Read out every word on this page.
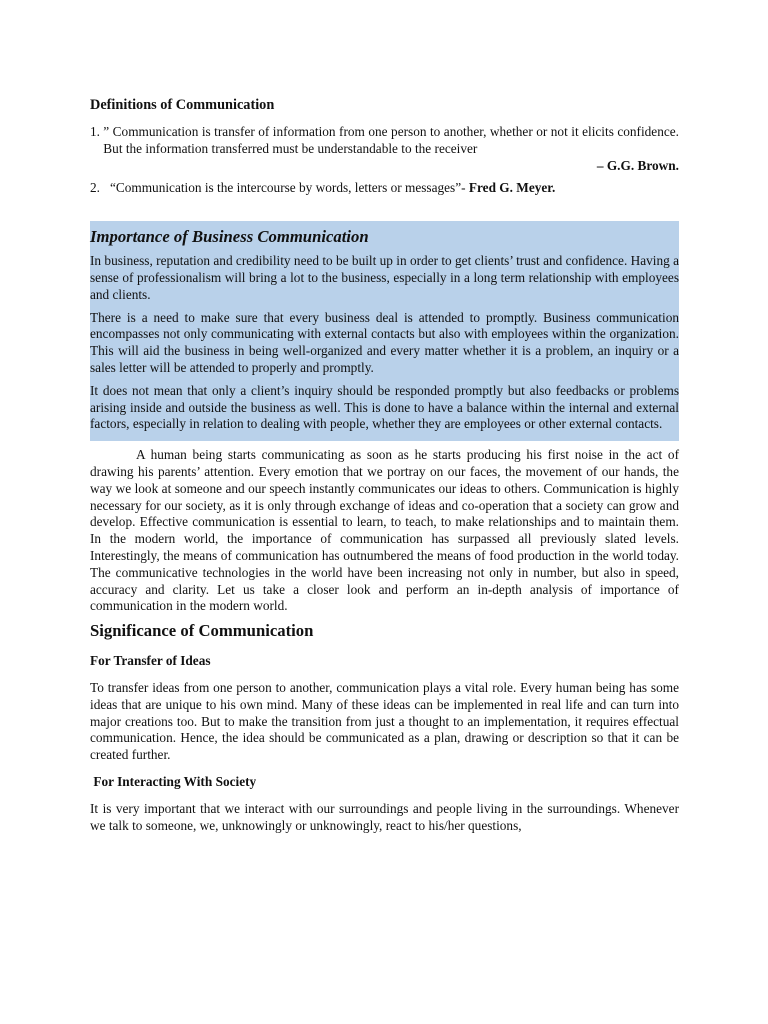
Definitions of Communication
1. ” Communication is transfer of information from one person to another, whether or not it elicits confidence. But the information transferred must be understandable to the receiver
– G.G. Brown.
2. “Communication is the intercourse by words, letters or messages”- Fred G. Meyer.
Importance of Business Communication

In business, reputation and credibility need to be built up in order to get clients’ trust and confidence. Having a sense of professionalism will bring a lot to the business, especially in a long term relationship with employees and clients.

There is a need to make sure that every business deal is attended to promptly. Business communication encompasses not only communicating with external contacts but also with employees within the organization. This will aid the business in being well-organized and every matter whether it is a problem, an inquiry or a sales letter will be attended to properly and promptly.

It does not mean that only a client’s inquiry should be responded promptly but also feedbacks or problems arising inside and outside the business as well. This is done to have a balance within the internal and external factors, especially in relation to dealing with people, whether they are employees or other external contacts.

A human being starts communicating as soon as he starts producing his first noise in the act of drawing his parents’ attention. Every emotion that we portray on our faces, the movement of our hands, the way we look at someone and our speech instantly communicates our ideas to others. Communication is highly necessary for our society, as it is only through exchange of ideas and co-operation that a society can grow and develop. Effective communication is essential to learn, to teach, to make relationships and to maintain them. In the modern world, the importance of communication has surpassed all previously slated levels. Interestingly, the means of communication has outnumbered the means of food production in the world today. The communicative technologies in the world have been increasing not only in number, but also in speed, accuracy and clarity. Let us take a closer look and perform an in-depth analysis of importance of communication in the modern world.

Significance of Communication
For Transfer of Ideas

To transfer ideas from one person to another, communication plays a vital role. Every human being has some ideas that are unique to his own mind. Many of these ideas can be implemented in real life and can turn into major creations too. But to make the transition from just a thought to an implementation, it requires effectual communication. Hence, the idea should be communicated as a plan, drawing or description so that it can be created further.

For Interacting With Society

It is very important that we interact with our surroundings and people living in the surroundings. Whenever we talk to someone, we, unknowingly or unknowingly, react to his/her questions,
